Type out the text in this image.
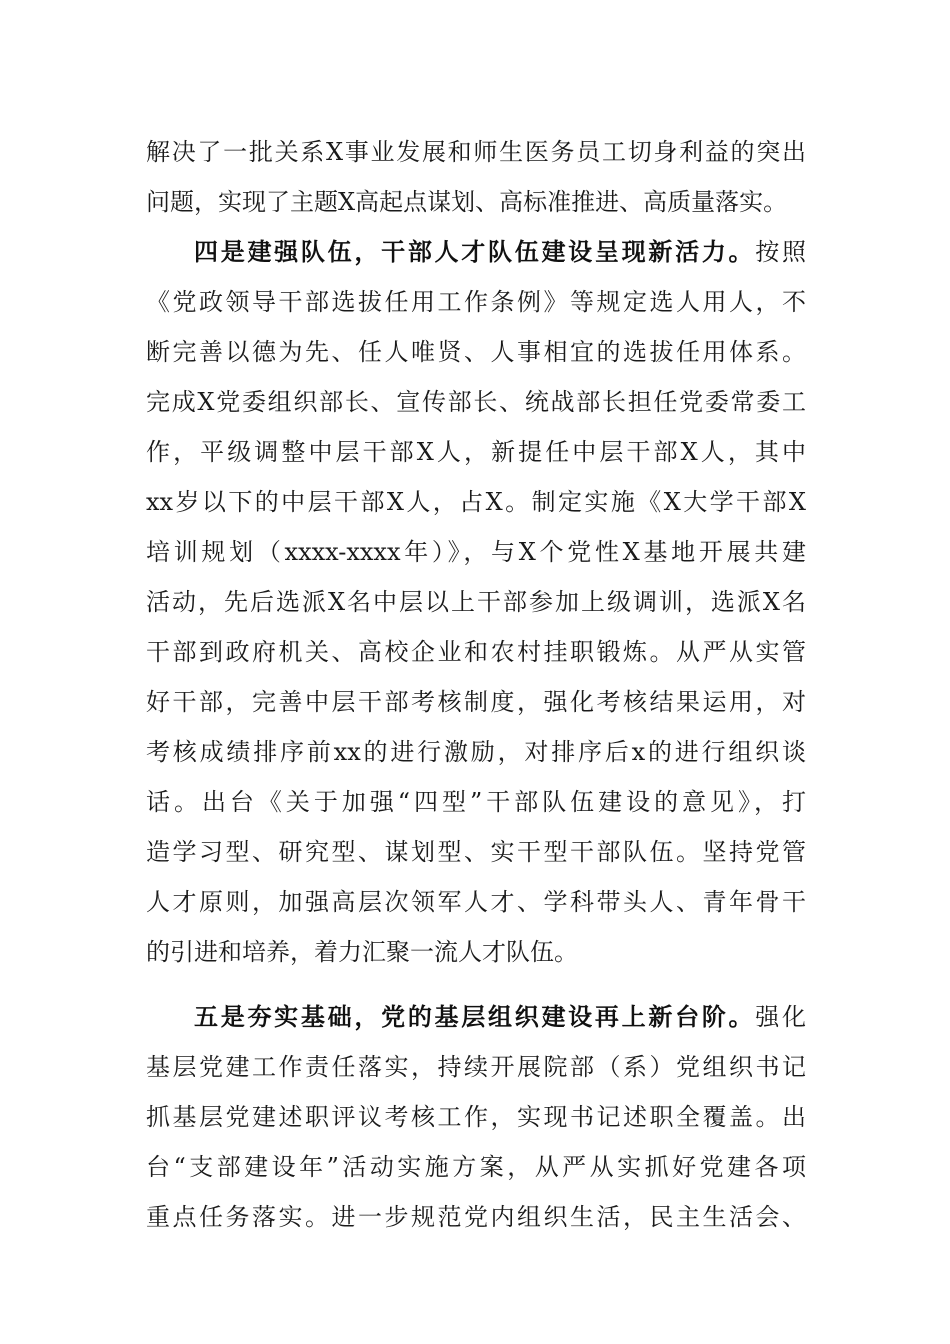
解决了一批关系X事业发展和师生医务员工切身利益的突出
问题，实现了主题X高起点谋划、高标准推进、高质量落实。
四是建强队伍，干部人才队伍建设呈现新活力。按照
《党政领导干部选拔任用工作条例》等规定选人用人，不
断完善以德为先、任人唯贤、人事相宜的选拔任用体系。
完成X党委组织部长、宣传部长、统战部长担任党委常委工
作，平级调整中层干部X人，新提任中层干部X人，其中
xx岁以下的中层干部X人，占X。制定实施《X大学干部X
培训规划（xxxx-xxxx年）》，与X个党性X基地开展共建
活动，先后选派X名中层以上干部参加上级调训，选派X名
干部到政府机关、高校企业和农村挂职锻炼。从严从实管
好干部，完善中层干部考核制度，强化考核结果运用，对
考核成绩排序前xx的进行激励，对排序后x的进行组织谈
话。出台《关于加强“四型”干部队伍建设的意见》，打
造学习型、研究型、谋划型、实干型干部队伍。坚持党管
人才原则，加强高层次领军人才、学科带头人、青年骨干
的引进和培养，着力汇聚一流人才队伍。
五是夯实基础，党的基层组织建设再上新台阶。强化
基层党建工作责任落实，持续开展院部（系）党组织书记
抓基层党建述职评议考核工作，实现书记述职全覆盖。出
台“支部建设年”活动实施方案，从严从实抓好党建各项
重点任务落实。进一步规范党内组织生活，民主生活会、
